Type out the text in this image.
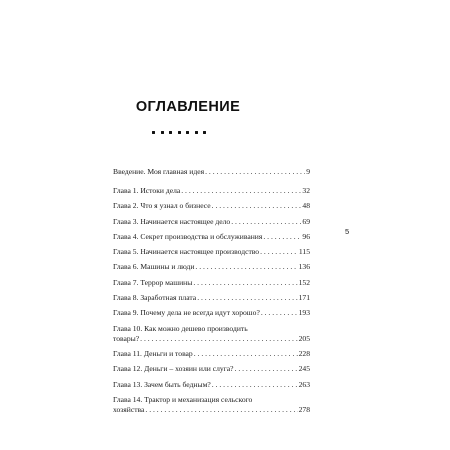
ОГЛАВЛЕНИЕ
Введение. Моя главная идея . . .	9
Глава 1. Истоки дела . . .	32
Глава 2. Что я узнал о бизнесе . . .	48
Глава 3. Начинается настоящее дело . . .	69
Глава 4. Секрет производства и обслуживания . . .	96
Глава 5. Начинается настоящее производство . . .	115
Глава 6. Машины и люди . . .	136
Глава 7. Террор машины . . .	152
Глава 8. Заработная плата . . .	171
Глава 9. Почему дела не всегда идут хорошо? . . .	193
Глава 10. Как можно дешево производить
товары? . . .	205
Глава 11. Деньги и товар . . .	228
Глава 12. Деньги – хозяин или слуга? . . .	245
Глава 13. Зачем быть бедным? . . .	263
Глава 14. Трактор и механизация сельского
хозяйства . . .	278
5
